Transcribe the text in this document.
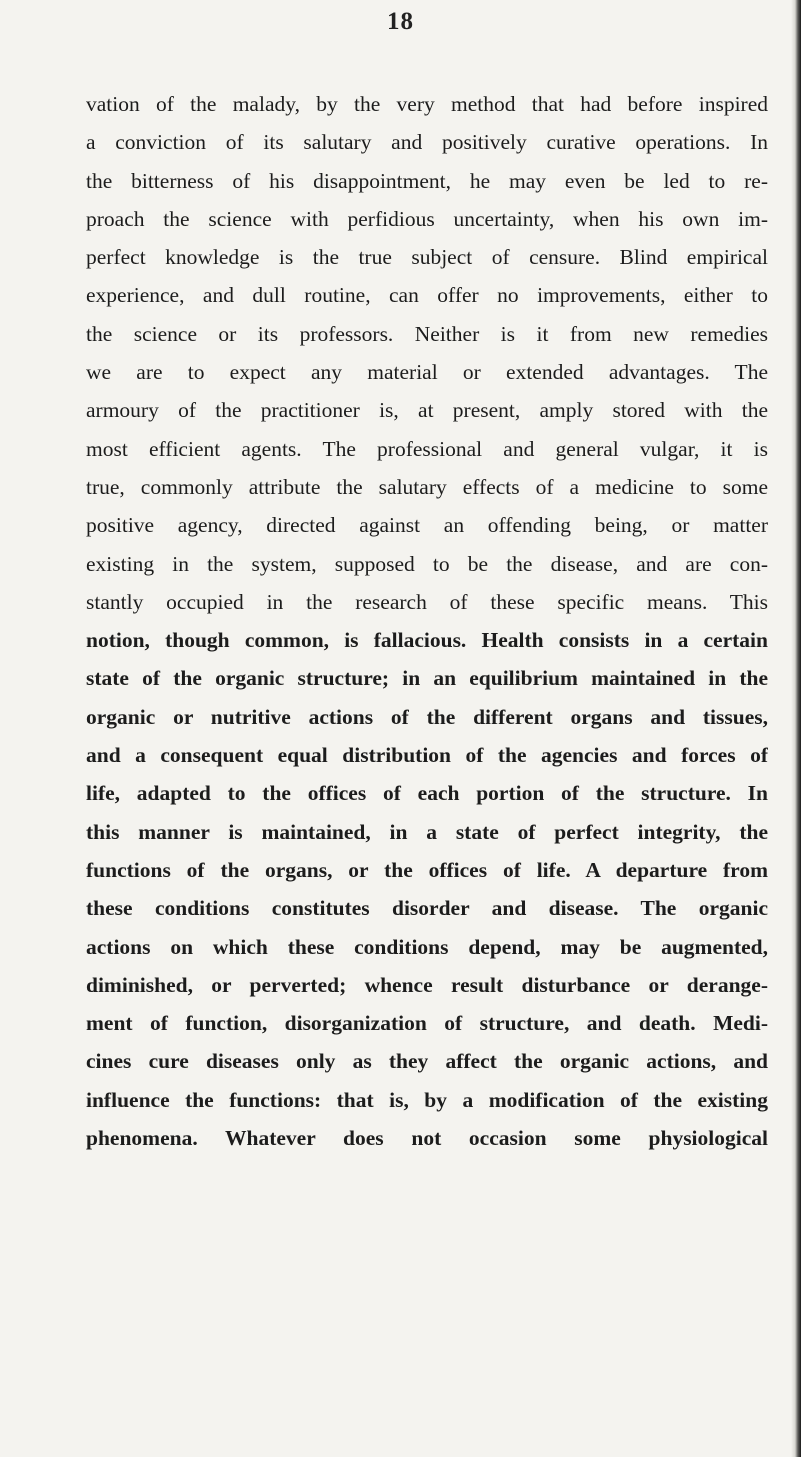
18
vation of the malady, by the very method that had before inspired
a conviction of its salutary and positively curative operations. In
the bitterness of his disappointment, he may even be led to re-
proach the science with perfidious uncertainty, when his own im-
perfect knowledge is the true subject of censure. Blind empirical
experience, and dull routine, can offer no improvements, either to
the science or its professors. Neither is it from new remedies
we are to expect any material or extended advantages. The
armoury of the practitioner is, at present, amply stored with the
most efficient agents. The professional and general vulgar, it is
true, commonly attribute the salutary effects of a medicine to some
positive agency, directed against an offending being, or matter
existing in the system, supposed to be the disease, and are con-
stantly occupied in the research of these specific means. This
notion, though common, is fallacious. Health consists in a certain
state of the organic structure; in an equilibrium maintained in the
organic or nutritive actions of the different organs and tissues,
and a consequent equal distribution of the agencies and forces of
life, adapted to the offices of each portion of the structure. In
this manner is maintained, in a state of perfect integrity, the
functions of the organs, or the offices of life. A departure from
these conditions constitutes disorder and disease. The organic
actions on which these conditions depend, may be augmented,
diminished, or perverted; whence result disturbance or derange-
ment of function, disorganization of structure, and death. Medi-
cines cure diseases only as they affect the organic actions, and
influence the functions: that is, by a modification of the existing
phenomena. Whatever does not occasion some physiological
